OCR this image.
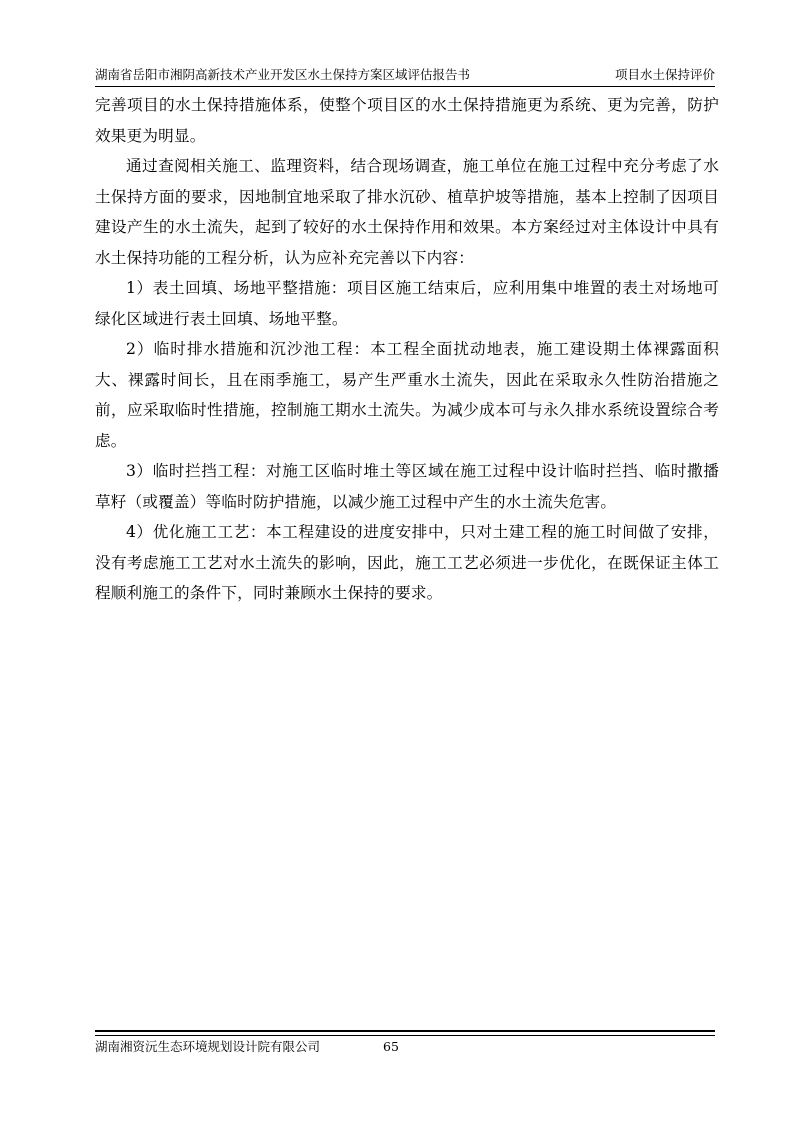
湖南省岳阳市湘阴高新技术产业开发区水土保持方案区域评估报告书	项目水土保持评价

完善项目的水土保持措施体系，使整个项目区的水土保持措施更为系统、更为完善，防护效果更为明显。

通过查阅相关施工、监理资料，结合现场调查，施工单位在施工过程中充分考虑了水土保持方面的要求，因地制宜地采取了排水沉砂、植草护坡等措施，基本上控制了因项目建设产生的水土流失，起到了较好的水土保持作用和效果。本方案经过对主体设计中具有水土保持功能的工程分析，认为应补充完善以下内容：

1）表土回填、场地平整措施：项目区施工结束后，应利用集中堆置的表土对场地可绿化区域进行表土回填、场地平整。

2）临时排水措施和沉沙池工程：本工程全面扰动地表，施工建设期土体裸露面积大、裸露时间长，且在雨季施工，易产生严重水土流失，因此在采取永久性防治措施之前，应采取临时性措施，控制施工期水土流失。为减少成本可与永久排水系统设置综合考虑。

3）临时拦挡工程：对施工区临时堆土等区域在施工过程中设计临时拦挡、临时撒播草籽（或覆盖）等临时防护措施，以减少施工过程中产生的水土流失危害。

4）优化施工工艺：本工程建设的进度安排中，只对土建工程的施工时间做了安排，没有考虑施工工艺对水土流失的影响，因此，施工工艺必须进一步优化，在既保证主体工程顺利施工的条件下，同时兼顾水土保持的要求。

湖南湘资沅生态环境规划设计院有限公司	65
